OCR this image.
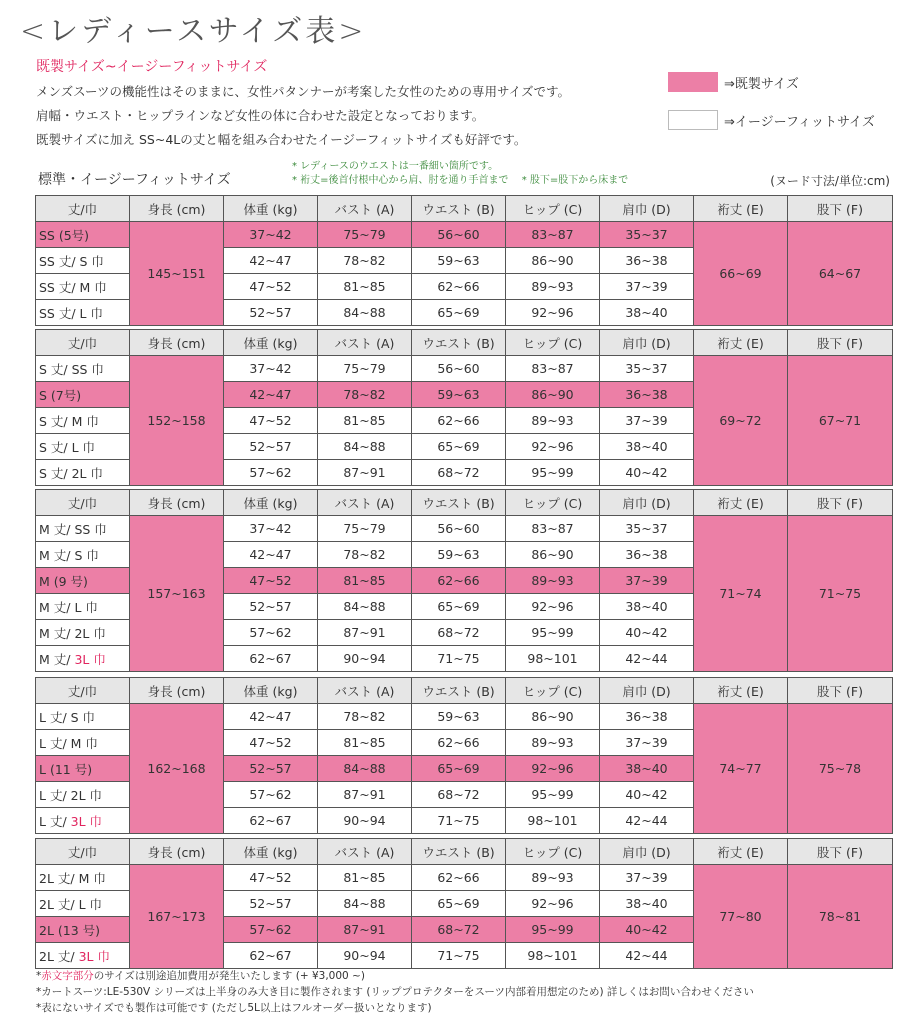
<レディースサイズ表>
既製サイズ~イージーフィットサイズ
メンズスーツの機能性はそのままに、女性パタンナーが考案した女性のための専用サイズです。
肩幅・ウエスト・ヒップラインなど女性の体に合わせた設定となっております。
既製サイズに加え SS~4Lの丈と幅を組み合わせたイージーフィットサイズも好評です。
⇒既製サイズ
⇒イージーフィットサイズ
標準・イージーフィットサイズ
* レディースのウエストは一番細い箇所です。
* 裄丈=後首付根中心から肩、肘を通り手首まで　 * 股下=股下から床まで	(ヌード寸法/単位:cm)
丈/巾	身長 (cm)	体重 (kg)	バスト (A)	ウエスト (B)	ヒップ (C)	肩巾 (D)	裄丈 (E)	股下 (F)
SS (5号)	145~151	37~42	75~79	56~60	83~87	35~37	66~69	64~67
SS 丈/ S 巾		42~47	78~82	59~63	86~90	36~38		
SS 丈/ M 巾		47~52	81~85	62~66	89~93	37~39		
SS 丈/ L 巾		52~57	84~88	65~69	92~96	38~40		
丈/巾	身長 (cm)	体重 (kg)	バスト (A)	ウエスト (B)	ヒップ (C)	肩巾 (D)	裄丈 (E)	股下 (F)
S 丈/ SS 巾	152~158	37~42	75~79	56~60	83~87	35~37	69~72	67~71
S (7号)		42~47	78~82	59~63	86~90	36~38		
S 丈/ M 巾		47~52	81~85	62~66	89~93	37~39		
S 丈/ L 巾		52~57	84~88	65~69	92~96	38~40		
S 丈/ 2L 巾		57~62	87~91	68~72	95~99	40~42		
丈/巾	身長 (cm)	体重 (kg)	バスト (A)	ウエスト (B)	ヒップ (C)	肩巾 (D)	裄丈 (E)	股下 (F)
M 丈/ SS 巾	157~163	37~42	75~79	56~60	83~87	35~37	71~74	71~75
M 丈/ S 巾		42~47	78~82	59~63	86~90	36~38		
M (9 号)		47~52	81~85	62~66	89~93	37~39		
M 丈/ L 巾		52~57	84~88	65~69	92~96	38~40		
M 丈/ 2L 巾		57~62	87~91	68~72	95~99	40~42		
M 丈/ 3L 巾		62~67	90~94	71~75	98~101	42~44		
丈/巾	身長 (cm)	体重 (kg)	バスト (A)	ウエスト (B)	ヒップ (C)	肩巾 (D)	裄丈 (E)	股下 (F)
L 丈/ S 巾	162~168	42~47	78~82	59~63	86~90	36~38	74~77	75~78
L 丈/ M 巾		47~52	81~85	62~66	89~93	37~39		
L (11 号)		52~57	84~88	65~69	92~96	38~40		
L 丈/ 2L 巾		57~62	87~91	68~72	95~99	40~42		
L 丈/ 3L 巾		62~67	90~94	71~75	98~101	42~44		
丈/巾	身長 (cm)	体重 (kg)	バスト (A)	ウエスト (B)	ヒップ (C)	肩巾 (D)	裄丈 (E)	股下 (F)
2L 丈/ M 巾	167~173	47~52	81~85	62~66	89~93	37~39	77~80	78~81
2L 丈/ L 巾		52~57	84~88	65~69	92~96	38~40		
2L (13 号)		57~62	87~91	68~72	95~99	40~42		
2L 丈/ 3L 巾		62~67	90~94	71~75	98~101	42~44		
*赤文字部分のサイズは別途追加費用が発生いたします (+ ¥3,000 ~)
*カートスーツ:LE-530V シリーズは上半身のみ大き目に製作されます (リッププロテクターをスーツ内部着用想定のため) 詳しくはお問い合わせください
*表にないサイズでも製作は可能です (ただし5L以上はフルオーダー扱いとなります)
